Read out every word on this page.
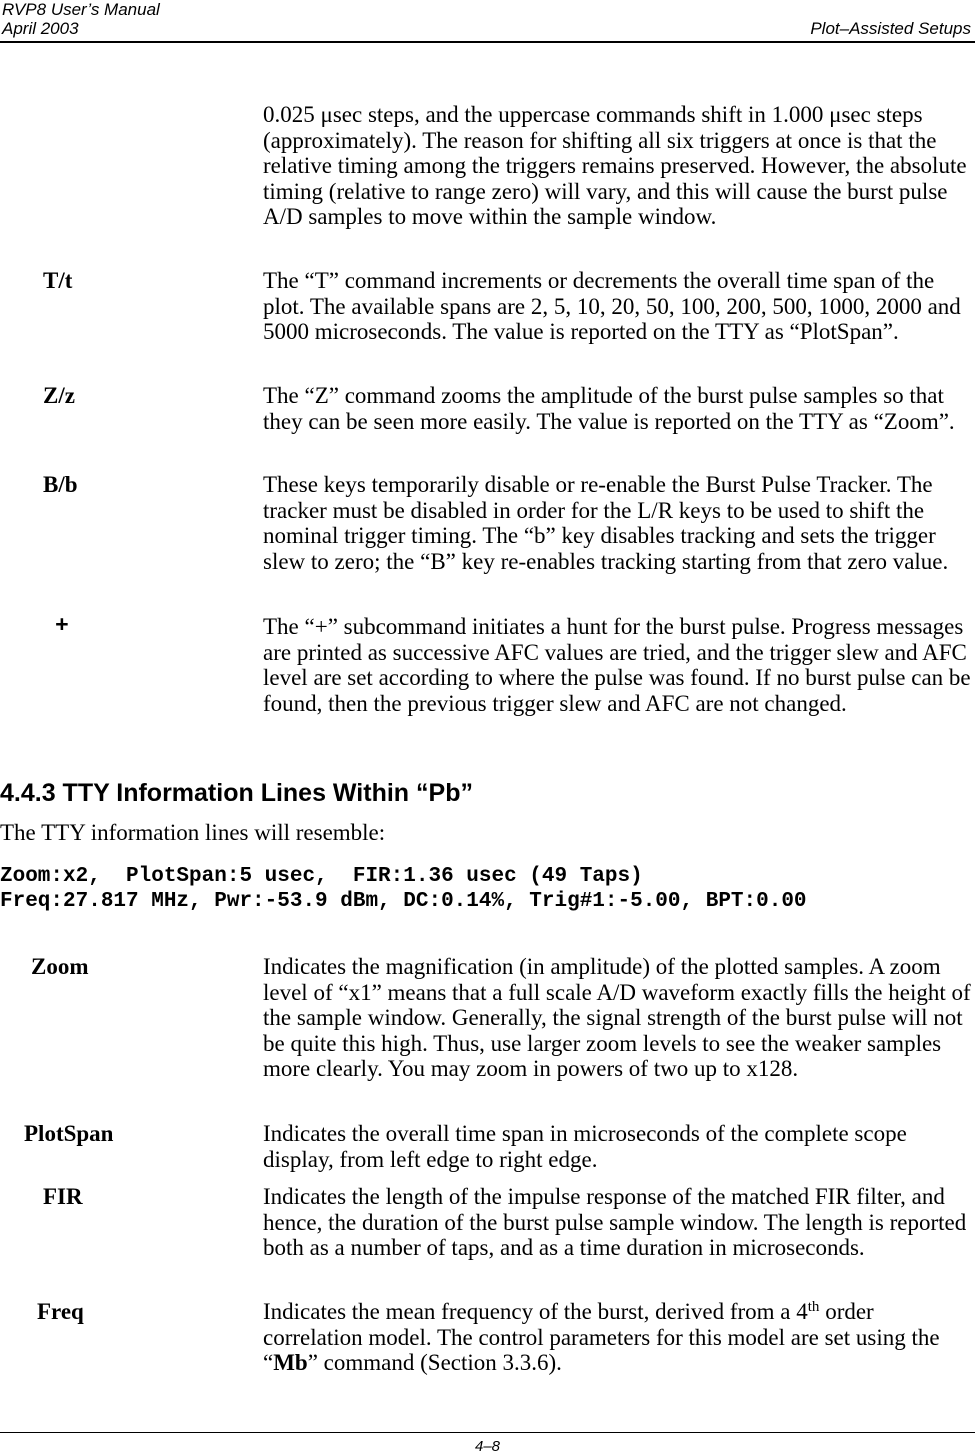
RVP8 User’s Manual
April 2003	Plot–Assisted Setups
0.025 μsec steps, and the uppercase commands shift in 1.000 μsec steps (approximately). The reason for shifting all six triggers at once is that the relative timing among the triggers remains preserved. However, the absolute timing (relative to range zero) will vary, and this will cause the burst pulse A/D samples to move within the sample window.
T/t	The “T” command increments or decrements the overall time span of the plot. The available spans are 2, 5, 10, 20, 50, 100, 200, 500, 1000, 2000 and 5000 microseconds. The value is reported on the TTY as “PlotSpan”.
Z/z	The “Z” command zooms the amplitude of the burst pulse samples so that they can be seen more easily. The value is reported on the TTY as “Zoom”.
B/b	These keys temporarily disable or re-enable the Burst Pulse Tracker. The tracker must be disabled in order for the L/R keys to be used to shift the nominal trigger timing. The “b” key disables tracking and sets the trigger slew to zero; the “B” key re-enables tracking starting from that zero value.
+	The “+” subcommand initiates a hunt for the burst pulse. Progress messages are printed as successive AFC values are tried, and the trigger slew and AFC level are set according to where the pulse was found. If no burst pulse can be found, then the previous trigger slew and AFC are not changed.
4.4.3 TTY Information Lines Within “Pb”
The TTY information lines will resemble:
Zoom:x2,  PlotSpan:5 usec,  FIR:1.36 usec (49 Taps)
Freq:27.817 MHz, Pwr:-53.9 dBm, DC:0.14%, Trig#1:-5.00, BPT:0.00
Zoom	Indicates the magnification (in amplitude) of the plotted samples. A zoom level of “x1” means that a full scale A/D waveform exactly fills the height of the sample window. Generally, the signal strength of the burst pulse will not be quite this high. Thus, use larger zoom levels to see the weaker samples more clearly. You may zoom in powers of two up to x128.
PlotSpan	Indicates the overall time span in microseconds of the complete scope display, from left edge to right edge.
FIR	Indicates the length of the impulse response of the matched FIR filter, and hence, the duration of the burst pulse sample window. The length is reported both as a number of taps, and as a time duration in microseconds.
Freq	Indicates the mean frequency of the burst, derived from a 4th order correlation model. The control parameters for this model are set using the “Mb” command (Section 3.3.6).
4–8
